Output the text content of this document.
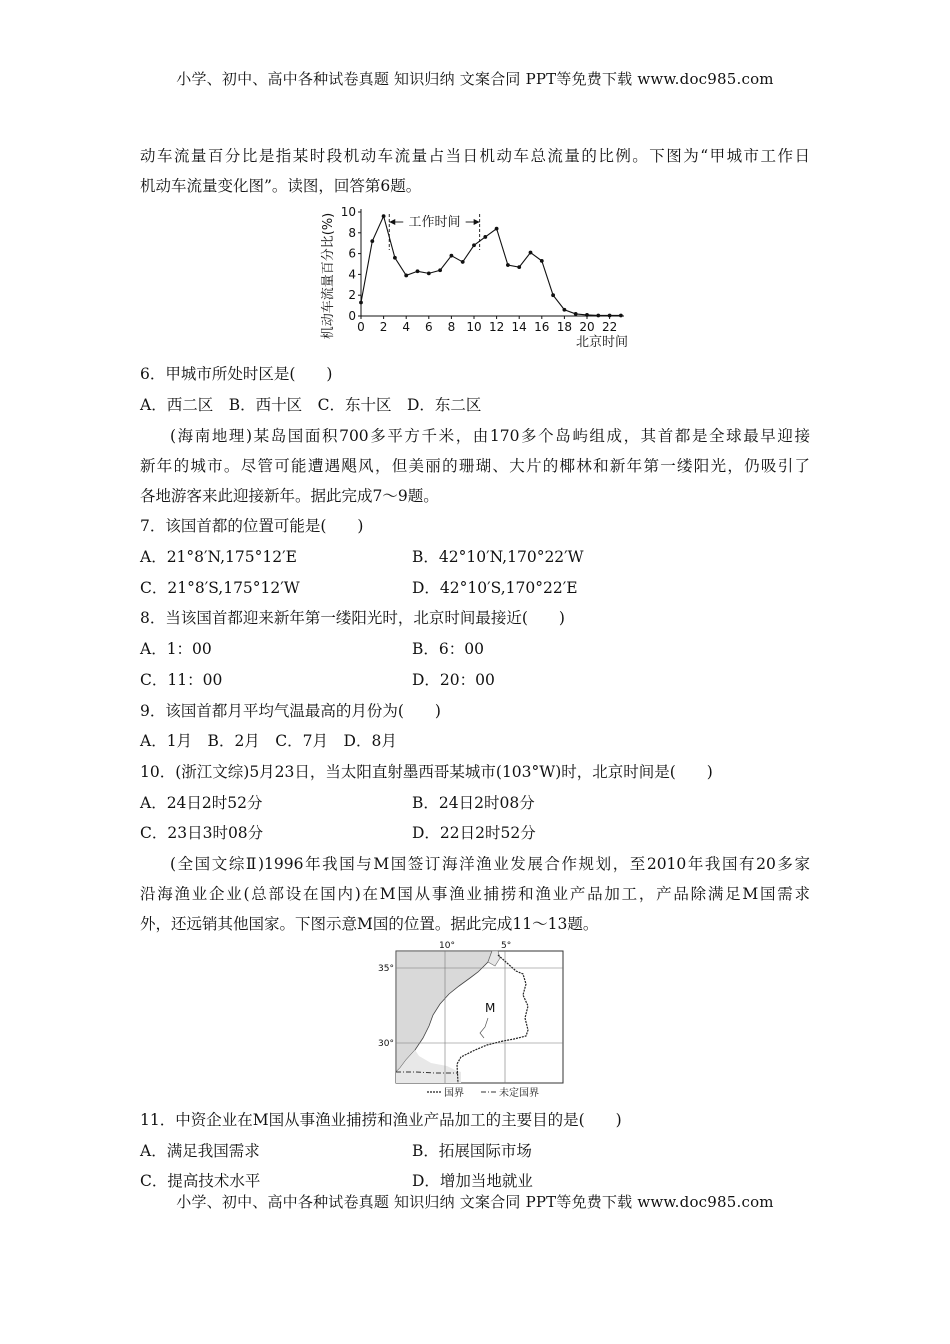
小学、初中、高中各种试卷真题 知识归纳 文案合同 PPT等免费下载 www.doc985.com
动车流量百分比是指某时段机动车流量占当日机动车总流量的比例。下图为“甲城市工作日
机动车流量变化图”。读图，回答第6题。
0
2
4
6
8
10
0 2 4 6 8 10 12 14 16 18 20 22
工作时间
机动车流量百分比(%)
北京时间
6．甲城市所处时区是(　　)
A．西二区　B．西十区　C．东十区　D．东二区
(海南地理)某岛国面积700多平方千米，由170多个岛屿组成，其首都是全球最早迎接
新年的城市。尽管可能遭遇飓风，但美丽的珊瑚、大片的椰林和新年第一缕阳光，仍吸引了
各地游客来此迎接新年。据此完成7～9题。
7．该国首都的位置可能是(　　)
A．21°8′N,175°12′E	B．42°10′N,170°22′W
C．21°8′S,175°12′W	D．42°10′S,170°22′E
8．当该国首都迎来新年第一缕阳光时，北京时间最接近(　　)
A．1：00	B．6：00
C．11：00	D．20：00
9．该国首都月平均气温最高的月份为(　　)
A．1月　B．2月　C．7月　D．8月
10．(浙江文综)5月23日，当太阳直射墨西哥某城市(103°W)时，北京时间是(　　)
A．24日2时52分	B．24日2时08分
C．23日3时08分	D．22日2时52分
(全国文综Ⅱ)1996年我国与M国签订海洋渔业发展合作规划，至2010年我国有20多家
沿海渔业企业(总部设在国内)在M国从事渔业捕捞和渔业产品加工，产品除满足M国需求
外，还远销其他国家。下图示意M国的位置。据此完成11～13题。
M
10°	5°
35°
30°
国界	未定国界
11．中资企业在M国从事渔业捕捞和渔业产品加工的主要目的是(　　)
A．满足我国需求	B．拓展国际市场
C．提高技术水平	D．增加当地就业
小学、初中、高中各种试卷真题 知识归纳 文案合同 PPT等免费下载 www.doc985.com
